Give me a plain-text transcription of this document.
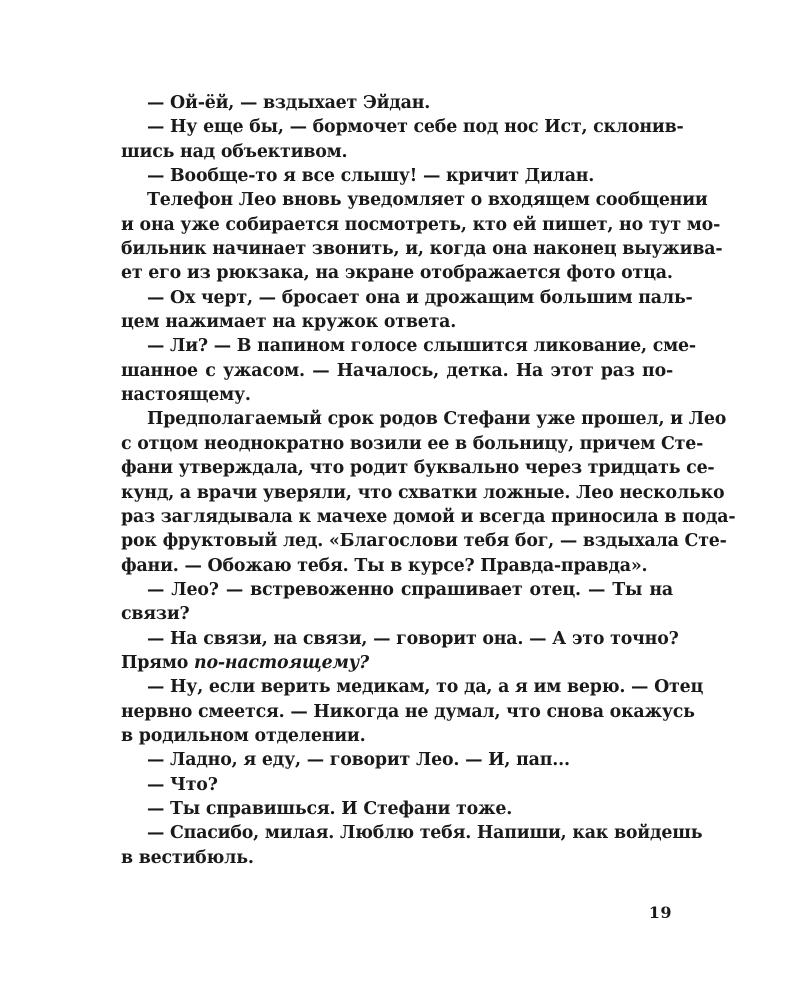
— Ой-ёй, — вздыхает Эйдан.

— Ну еще бы, — бормочет себе под нос Ист, склонив-
шись над объективом.

— Вообще-то я все слышу! — кричит Дилан.

Телефон Лео вновь уведомляет о входящем сообщении
и она уже собирается посмотреть, кто ей пишет, но тут мо-
бильник начинает звонить, и, когда она наконец выуживa-
ет его из рюкзака, на экране отображается фото отца.

— Ох черт, — бросает она и дрожащим большим паль-
цем нажимает на кружок ответа.

— Ли? — В папином голосе слышится ликование, сме-
шанное с ужасом. — Началось, детка. На этот раз по-
настоящему.

Предполагаемый срок родов Стефани уже прошел, и Лео
с отцом неоднократно возили ее в больницу, причем Сте-
фани утверждала, что родит буквально через тридцать се-
кунд, а врачи уверяли, что схватки ложные. Лео несколько
раз заглядывала к мачехе домой и всегда приносила в пода-
рок фруктовый лед. «Благослови тебя бог, — вздыхала Сте-
фани. — Обожаю тебя. Ты в курсе? Правда-правда».

— Лео? — встревоженно спрашивает отец. — Ты на
связи?

— На связи, на связи, — говорит она. — А это точно?
Прямо по-настоящему?

— Ну, если верить медикам, то да, а я им верю. — Отец
нервно смеется. — Никогда не думал, что снова окажусь
в родильном отделении.

— Ладно, я еду, — говорит Лео. — И, пап...

— Что?

— Ты справишься. И Стефани тоже.

— Спасибо, милая. Люблю тебя. Напиши, как войдешь
в вестибюль.

19
